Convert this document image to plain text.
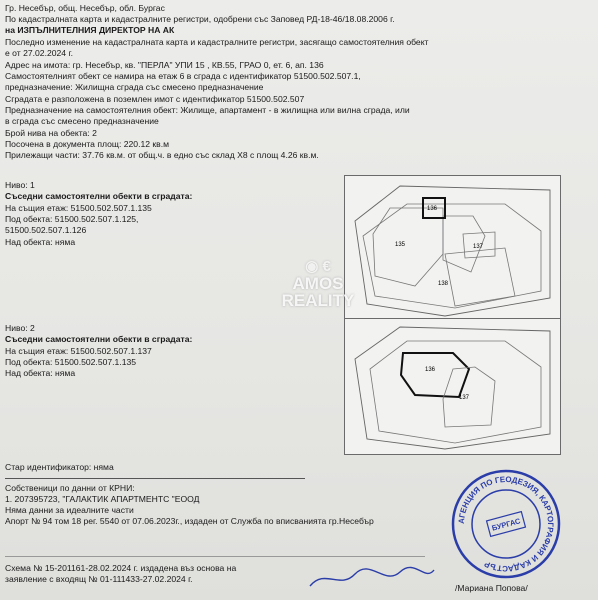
Гр. Несебър, общ. Несебър, обл. Бургас
По кадастралната карта и кадастралните регистри, одобрени със Заповед РД-18-46/18.08.2006 г.
на ИЗПЪЛНИТЕЛНИЯ ДИРЕКТОР НА АК
Последно изменение на кадастралната карта и кадастралните регистри, засягащо самостоятелния обект
е от 27.02.2024 г.
Адрес на имота: гр. Несебър, кв. "ПЕРЛА" УПИ 15 , КВ.55, ГРАО 0, ет. 6, ап. 136
Самостоятелният обект се намира на етаж 6 в сграда с идентификатор 51500.502.507.1,
предназначение: Жилищна сграда със смесено предназначение
Сградата е разположена в поземлен имот с идентификатор 51500.502.507
Предназначение на самостоятелния обект: Жилище, апартамент - в жилищна или вилна сграда, или
в сграда със смесено предназначение
Брой нива на обекта: 2
Посочена в документа площ: 220.12 кв.м
Прилежащи части: 37.76 кв.м. от общ.ч. в едно със склад Х8 с площ 4.26 кв.м.
Ниво: 1
Съседни самостоятелни обекти в сградата:
На същия етаж: 51500.502.507.1.135
Под обекта: 51500.502.507.1.125,
51500.502.507.1.126
Над обекта: няма
136
135	137
138
◉ €
AMOS
REALITY
Ниво: 2
Съседни самостоятелни обекти в сградата:
На същия етаж: 51500.502.507.1.137
Под обекта: 51500.502.507.1.135
Над обекта: няма	136
137
Стар идентификатор: няма
Собственици по данни от КРНИ:
1. 207395723, "ГАЛАКТИК АПАРТМЕНТС "ЕООД
Няма данни за идеалните части
Апорт № 94 том 18 рег. 5540 от 07.06.2023г., издаден от Служба по вписванията гр.Несебър
Схема № 15-201161-28.02.2024 г. издадена въз основа на
заявление с входящ № 01-111433-27.02.2024 г.
/Мариана Попова/
АГЕНЦИЯ ПО ГЕОДЕЗИЯ, КАРТОГРАФИЯ И КАДАСТЪР
БУРГАС
